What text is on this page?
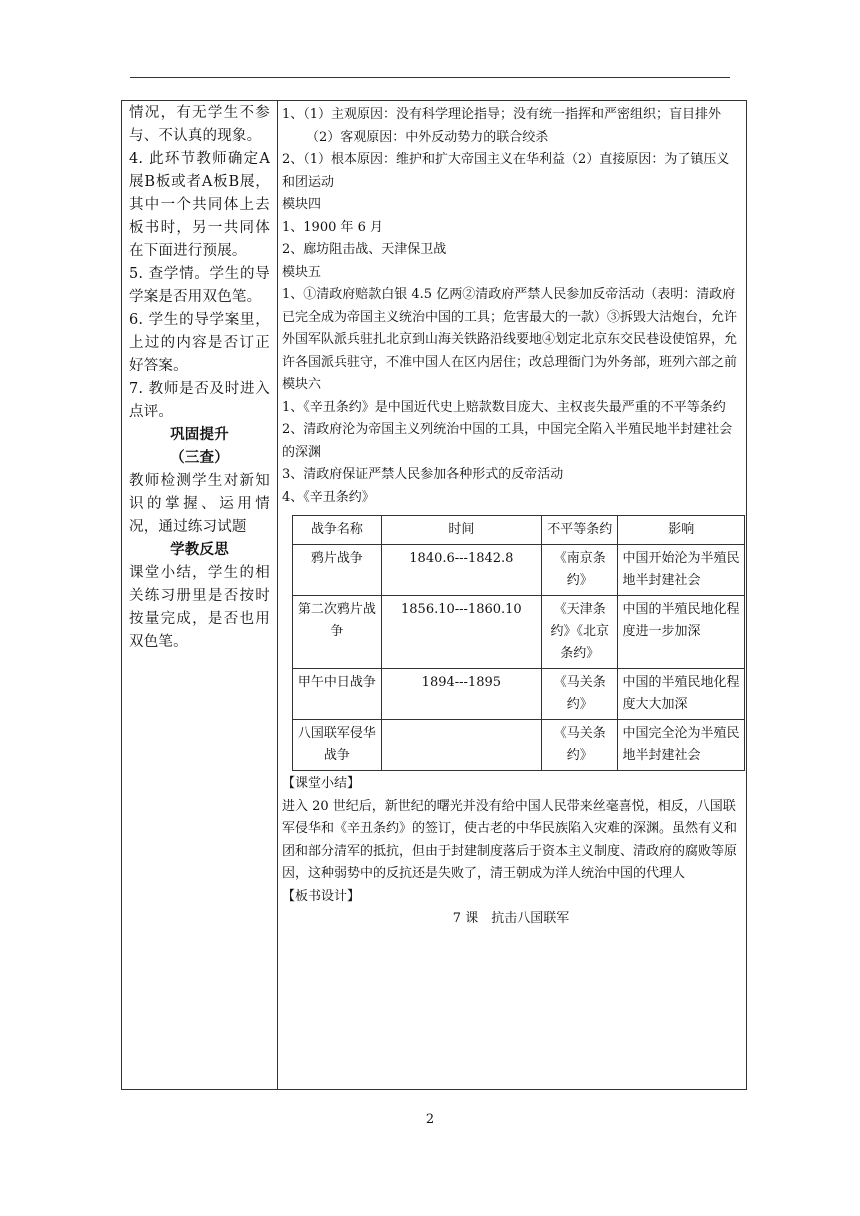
情况，有无学生不参与、不认真的现象。

4. 此环节教师确定A展B板或者A板B展，其中一个共同体上去板书时，另一共同体在下面进行预展。

5. 查学情。学生的导学案是否用双色笔。

6. 学生的导学案里，上过的内容是否订正好答案。

7. 教师是否及时进入点评。

巩固提升

（三查）

教师检测学生对新知识的掌握、运用情况，通过练习试题

学教反思

课堂小结，学生的相关练习册里是否按时按量完成，是否也用双色笔。

1、（1）主观原因：没有科学理论指导；没有统一指挥和严密组织；盲目排外

（2）客观原因：中外反动势力的联合绞杀

2、（1）根本原因：维护和扩大帝国主义在华利益（2）直接原因：为了镇压义和团运动

模块四

1、1900 年 6 月

2、廊坊阻击战、天津保卫战

模块五

1、①清政府赔款白银 4.5 亿两②清政府严禁人民参加反帝活动（表明：清政府已完全成为帝国主义统治中国的工具；危害最大的一款）③拆毁大沽炮台，允许外国军队派兵驻扎北京到山海关铁路沿线要地④划定北京东交民巷设使馆界，允许各国派兵驻守，不准中国人在区内居住；改总理衙门为外务部，班列六部之前

模块六

1、《辛丑条约》是中国近代史上赔款数目庞大、主权丧失最严重的不平等条约

2、清政府沦为帝国主义列统治中国的工具，中国完全陷入半殖民地半封建社会的深渊

3、清政府保证严禁人民参加各种形式的反帝活动

4、《辛丑条约》

战争名称	时间	不平等条约	影响
鸦片战争	1840.6---1842.8	《南京条约》	中国开始沦为半殖民地半封建社会
第二次鸦片战争	1856.10---1860.10	《天津条约》《北京条约》	中国的半殖民地化程度进一步加深
甲午中日战争	1894---1895	《马关条约》	中国的半殖民地化程度大大加深
八国联军侵华战争		《马关条约》	中国完全沦为半殖民地半封建社会

【课堂小结】

进入 20 世纪后，新世纪的曙光并没有给中国人民带来丝毫喜悦，相反，八国联军侵华和《辛丑条约》的签订，使古老的中华民族陷入灾难的深渊。虽然有义和团和部分清军的抵抗，但由于封建制度落后于资本主义制度、清政府的腐败等原因，这种弱势中的反抗还是失败了，清王朝成为洋人统治中国的代理人

【板书设计】

7 课　抗击八国联军

2
